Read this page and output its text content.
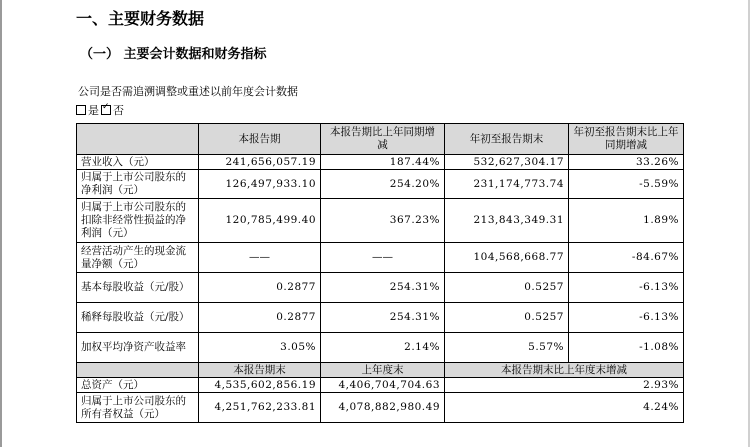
一、主要财务数据
（一） 主要会计数据和财务指标
公司是否需追溯调整或重述以前年度会计数据
是 ✓ 否
	本报告期	本报告期比上年同期增减	年初至报告期末	年初至报告期末比上年同期增减
营业收入（元）	241,656,057.19	187.44%	532,627,304.17	33.26%
归属于上市公司股东的净利润（元）	126,497,933.10	254.20%	231,174,773.74	-5.59%
归属于上市公司股东的扣除非经常性损益的净利润（元）	120,785,499.40	367.23%	213,843,349.31	1.89%
经营活动产生的现金流量净额（元）	——	——	104,568,668.77	-84.67%
基本每股收益（元/股）	0.2877	254.31%	0.5257	-6.13%
稀释每股收益（元/股）	0.2877	254.31%	0.5257	-6.13%
加权平均净资产收益率	3.05%	2.14%	5.57%	-1.08%
	本报告期末	上年度末	本报告期末比上年度末增减	
总资产（元）	4,535,602,856.19	4,406,704,704.63	2.93%	
归属于上市公司股东的所有者权益（元）	4,251,762,233.81	4,078,882,980.49	4.24%	
